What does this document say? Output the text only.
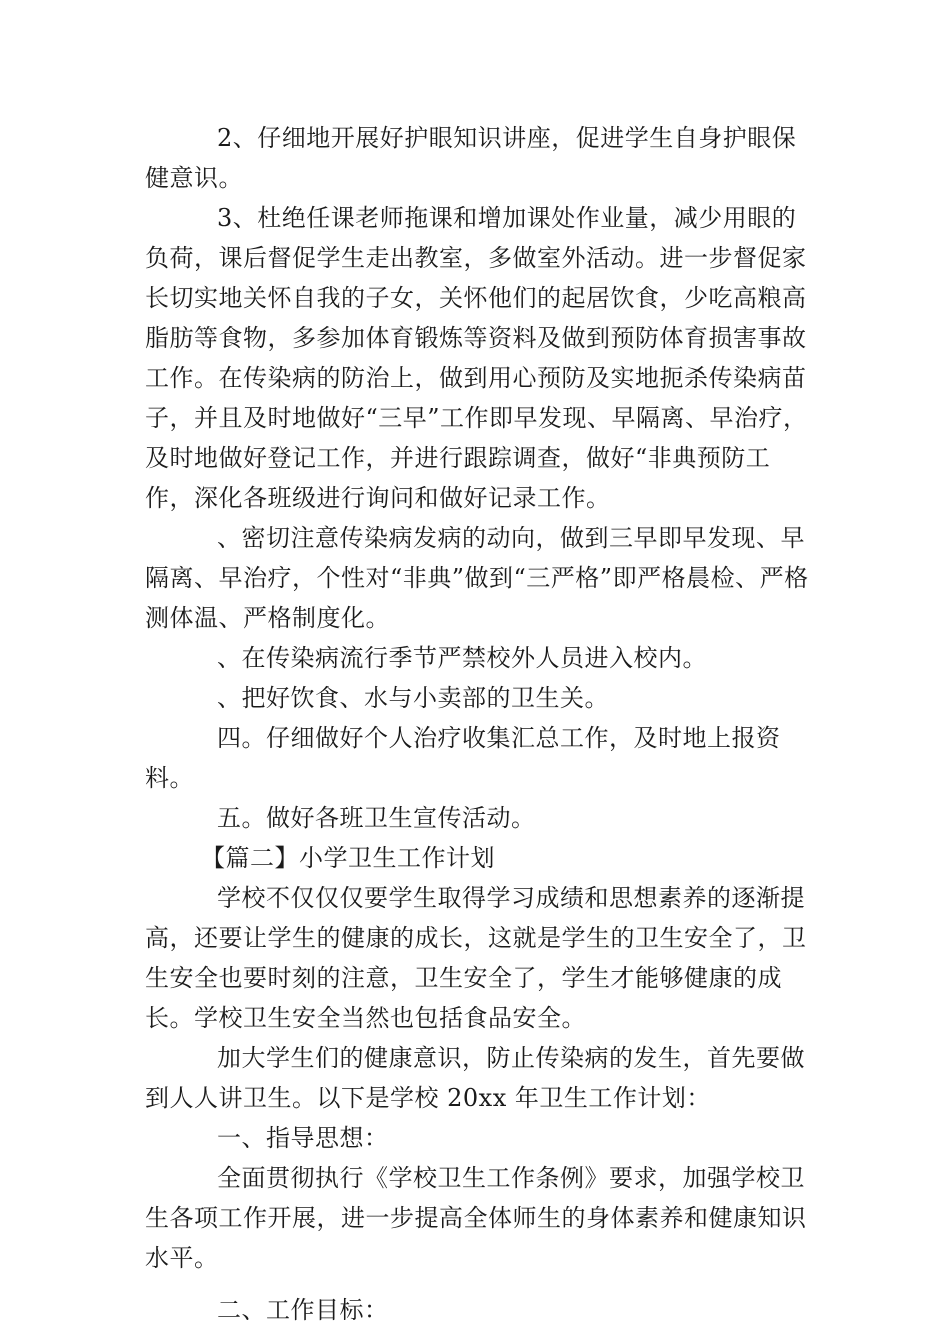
2、仔细地开展好护眼知识讲座，促进学生自身护眼保健意识。

3、杜绝任课老师拖课和增加课处作业量，减少用眼的负荷，课后督促学生走出教室，多做室外活动。进一步督促家长切实地关怀自我的子女，关怀他们的起居饮食，少吃高粮高脂肪等食物，多参加体育锻炼等资料及做到预防体育损害事故工作。在传染病的防治上，做到用心预防及实地扼杀传染病苗子，并且及时地做好“三早”工作即早发现、早隔离、早治疗，及时地做好登记工作，并进行跟踪调查，做好“非典预防工作，深化各班级进行询问和做好记录工作。

、密切注意传染病发病的动向，做到三早即早发现、早隔离、早治疗，个性对“非典”做到“三严格”即严格晨检、严格测体温、严格制度化。

、在传染病流行季节严禁校外人员进入校内。

、把好饮食、水与小卖部的卫生关。

四。仔细做好个人治疗收集汇总工作，及时地上报资料。

五。做好各班卫生宣传活动。

【篇二】小学卫生工作计划

学校不仅仅仅要学生取得学习成绩和思想素养的逐渐提高，还要让学生的健康的成长，这就是学生的卫生安全了，卫生安全也要时刻的注意，卫生安全了，学生才能够健康的成长。学校卫生安全当然也包括食品安全。

加大学生们的健康意识，防止传染病的发生，首先要做到人人讲卫生。以下是学校 20xx 年卫生工作计划：

一、指导思想：

全面贯彻执行《学校卫生工作条例》要求，加强学校卫生各项工作开展，进一步提高全体师生的身体素养和健康知识水平。

二、工作目标：
